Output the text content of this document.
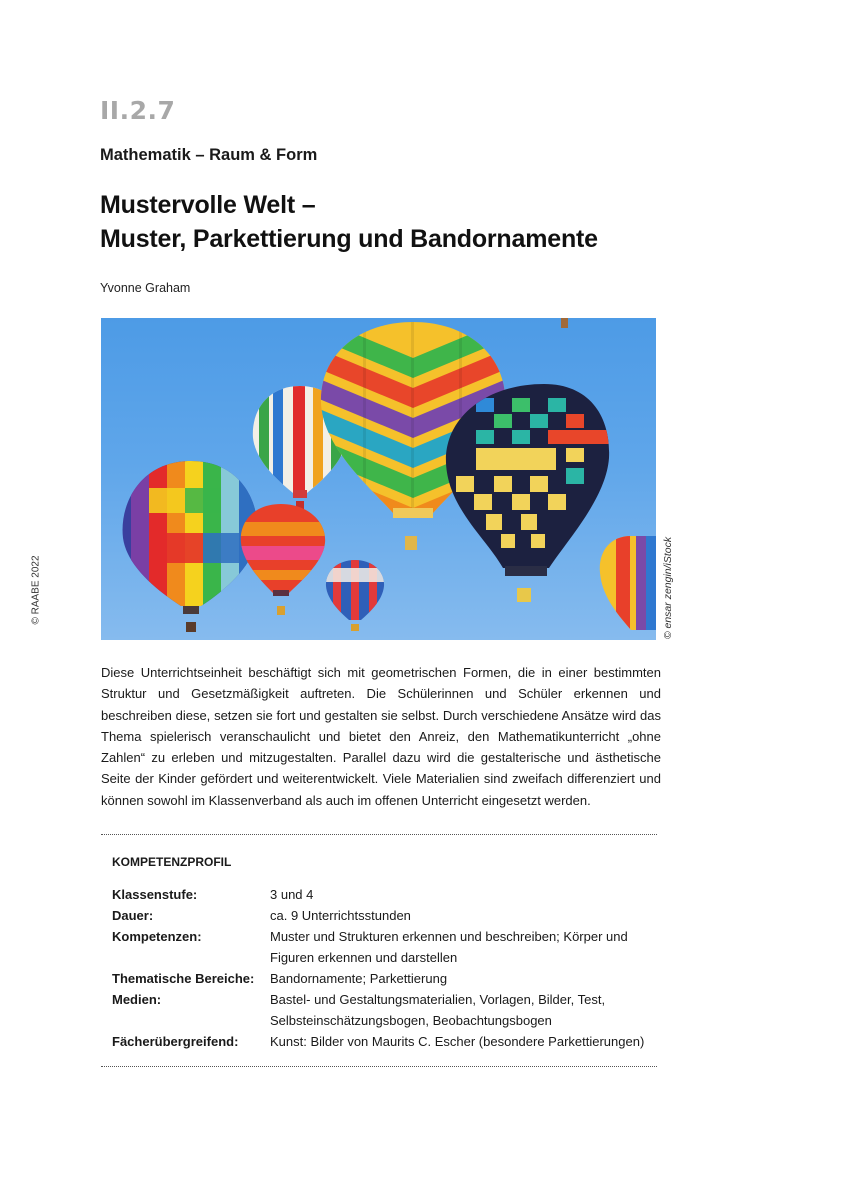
II.2.7
Mathematik – Raum & Form
Mustervolle Welt –
Muster, Parkettierung und Bandornamente
Yvonne Graham
© RAABE 2022	© ensar zengin/iStock
Diese Unterrichtseinheit beschäftigt sich mit geometrischen Formen, die in einer bestimmten Struktur und Gesetzmäßigkeit auftreten. Die Schülerinnen und Schüler erkennen und beschreiben diese, setzen sie fort und gestalten sie selbst. Durch verschiedene Ansätze wird das Thema spielerisch veranschaulicht und bietet den Anreiz, den Mathematikunterricht „ohne Zahlen“ zu erleben und mitzugestalten. Parallel dazu wird die gestalterische und ästhetische Seite der Kinder gefördert und weiterentwickelt. Viele Materialien sind zweifach differenziert und können sowohl im Klassenverband als auch im offenen Unterricht eingesetzt werden.
KOMPETENZPROFIL
Klassenstufe:	3 und 4
Dauer:	ca. 9 Unterrichtsstunden
Kompetenzen:	Muster und Strukturen erkennen und beschreiben; Körper und Figuren erkennen und darstellen
Thematische Bereiche:	Bandornamente; Parkettierung
Medien:	Bastel- und Gestaltungsmaterialien, Vorlagen, Bilder, Test, Selbsteinschätzungsbogen, Beobachtungsbogen
Fächerübergreifend:	Kunst: Bilder von Maurits C. Escher (besondere Parkettierungen)
